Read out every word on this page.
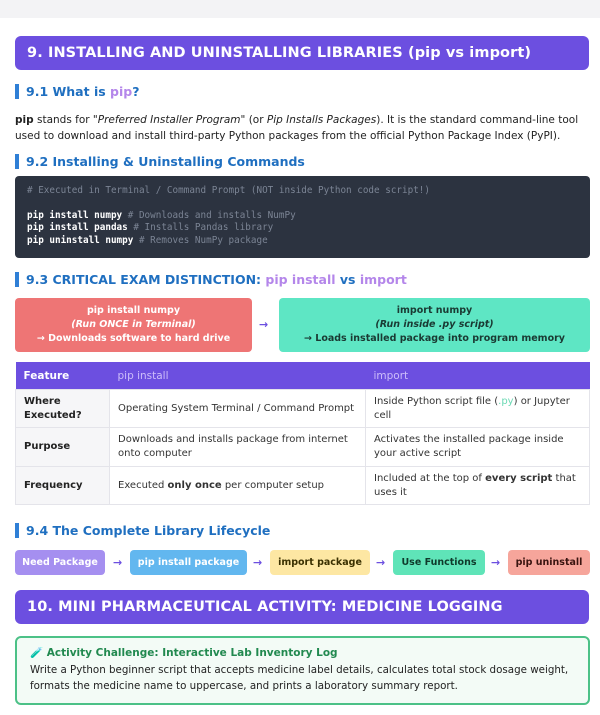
9. INSTALLING AND UNINSTALLING LIBRARIES (pip vs import)
9.1 What is pip?
pip stands for "Preferred Installer Program" (or Pip Installs Packages). It is the standard command-line tool used to download and install third-party Python packages from the official Python Package Index (PyPI).
9.2 Installing & Uninstalling Commands
# Executed in Terminal / Command Prompt (NOT inside Python code script!)
pip install numpy # Downloads and installs NumPy
pip install pandas # Installs Pandas library
pip uninstall numpy # Removes NumPy package
9.3 CRITICAL EXAM DISTINCTION: pip install vs import
pip install numpy
(Run ONCE in Terminal)
→ Downloads software to hard drive
→
import numpy
(Run inside .py script)
→ Loads installed package into program memory
Feature	pip install	import
Where Executed?	Operating System Terminal / Command Prompt	Inside Python script file (.py) or Jupyter cell
Purpose	Downloads and installs package from internet onto computer	Activates the installed package inside your active script
Frequency	Executed only once per computer setup	Included at the top of every script that uses it
9.4 The Complete Library Lifecycle
Need Package	→	pip install package	→	import package	→	Use Functions	→	pip uninstall
10. MINI PHARMACEUTICAL ACTIVITY: MEDICINE LOGGING
🧪 Activity Challenge: Interactive Lab Inventory Log
Write a Python beginner script that accepts medicine label details, calculates total stock dosage weight, formats the medicine name to uppercase, and prints a laboratory summary report.
